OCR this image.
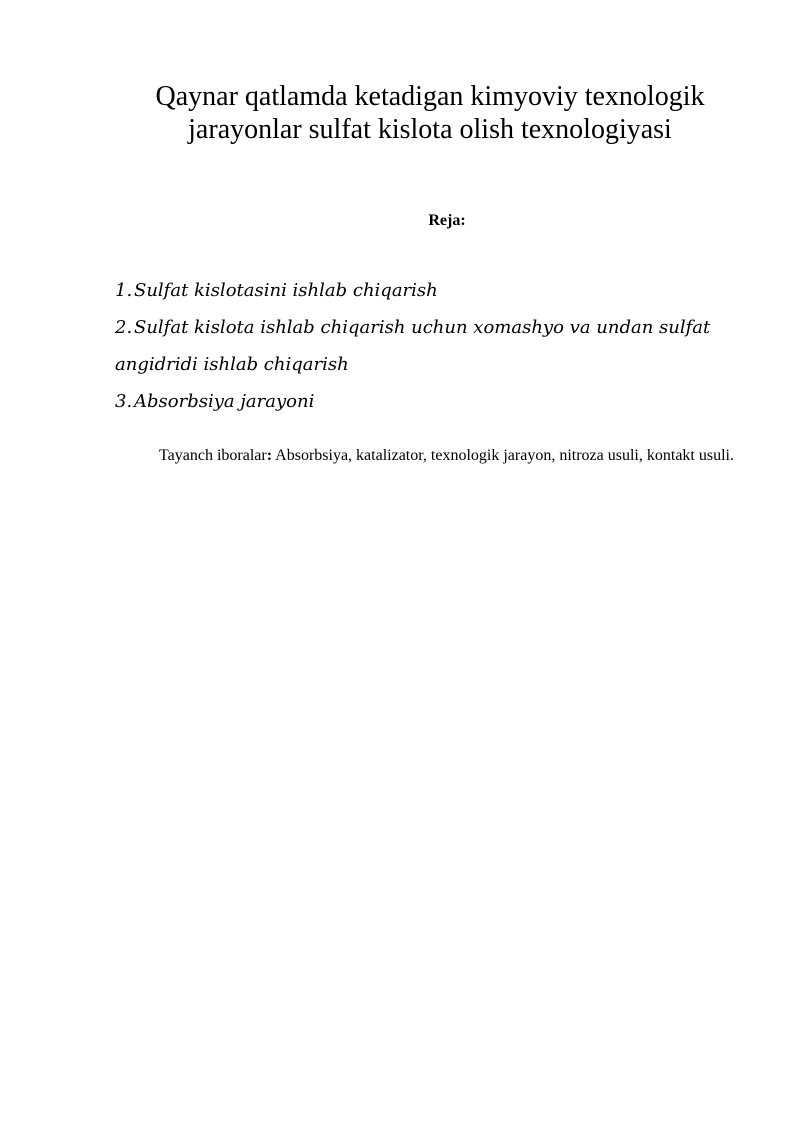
Qaynar qatlamda ketadigan kimyoviy texnologik
jarayonlar sulfat kislota olish texnologiyasi

Reja:

1. Sulfat kislotasini ishlab chiqarish
2. Sulfat kislota ishlab chiqarish uchun xomashyo va undan sulfat
angidridi ishlab chiqarish
3. Absorbsiya jarayoni

Tayanch iboralar: Absorbsiya, katalizator, texnologik jarayon, nitroza usuli, kontakt usuli.
